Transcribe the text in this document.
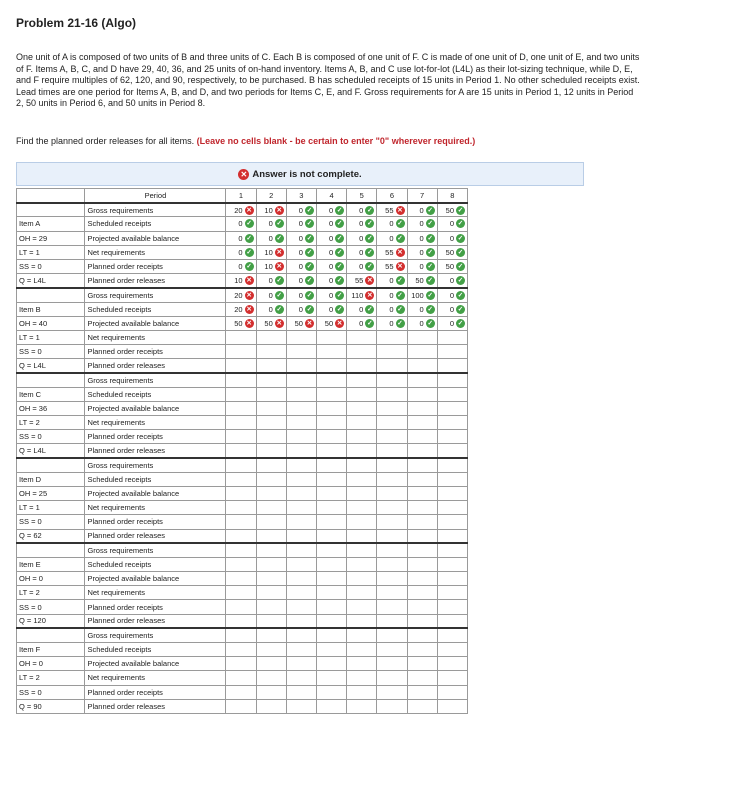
Problem 21-16 (Algo)
One unit of A is composed of two units of B and three units of C. Each B is composed of one unit of F. C is made of one unit of D, one unit of E, and two units of F. Items A, B, C, and D have 29, 40, 36, and 25 units of on-hand inventory. Items A, B, and C use lot-for-lot (L4L) as their lot-sizing technique, while D, E, and F require multiples of 62, 120, and 90, respectively, to be purchased. B has scheduled receipts of 15 units in Period 1. No other scheduled receipts exist. Lead times are one period for Items A, B, and D, and two periods for Items C, E, and F. Gross requirements for A are 15 units in Period 1, 12 units in Period 2, 50 units in Period 6, and 50 units in Period 8.
Find the planned order releases for all items. (Leave no cells blank - be certain to enter "0" wherever required.)
✕ Answer is not complete.
	Period	1	2	3	4	5	6	7	8
	Gross requirements	20 ✕	10 ✕	0 ✓	0 ✓	0 ✓	55 ✕	0 ✓	50 ✓

Item A	Scheduled receipts	0 ✓	0 ✓	0 ✓	0 ✓	0 ✓	0 ✓	0 ✓	0 ✓

OH = 29	Projected available balance	0 ✓	0 ✓	0 ✓	0 ✓	0 ✓	0 ✓	0 ✓	0 ✓

LT = 1	Net requirements	0 ✓	10 ✕	0 ✓	0 ✓	0 ✓	55 ✕	0 ✓	50 ✓

SS = 0	Planned order receipts	0 ✓	10 ✕	0 ✓	0 ✓	0 ✓	55 ✕	0 ✓	50 ✓

Q = L4L	Planned order releases	10 ✕	0 ✓	0 ✓	0 ✓	55 ✕	0 ✓	50 ✓	0 ✓

	Gross requirements	20 ✕	0 ✓	0 ✓	0 ✓	110 ✕	0 ✓	100 ✓	0 ✓

Item B	Scheduled receipts	20 ✕	0 ✓	0 ✓	0 ✓	0 ✓	0 ✓	0 ✓	0 ✓

OH = 40	Projected available balance	50 ✕	50 ✕	50 ✕	50 ✕	0 ✓	0 ✓	0 ✓	0 ✓

LT = 1	Net requirements								
SS = 0	Planned order receipts								
Q = L4L	Planned order releases								
	Gross requirements								
Item C	Scheduled receipts								
OH = 36	Projected available balance								
LT = 2	Net requirements								
SS = 0	Planned order receipts								
Q = L4L	Planned order releases								
	Gross requirements								
Item D	Scheduled receipts								
OH = 25	Projected available balance								
LT = 1	Net requirements								
SS = 0	Planned order receipts								
Q = 62	Planned order releases								
	Gross requirements								
Item E	Scheduled receipts								
OH = 0	Projected available balance								
LT = 2	Net requirements								
SS = 0	Planned order receipts								
Q = 120	Planned order releases								
	Gross requirements								
Item F	Scheduled receipts								
OH = 0	Projected available balance								
LT = 2	Net requirements								
SS = 0	Planned order receipts								
Q = 90	Planned order releases								
